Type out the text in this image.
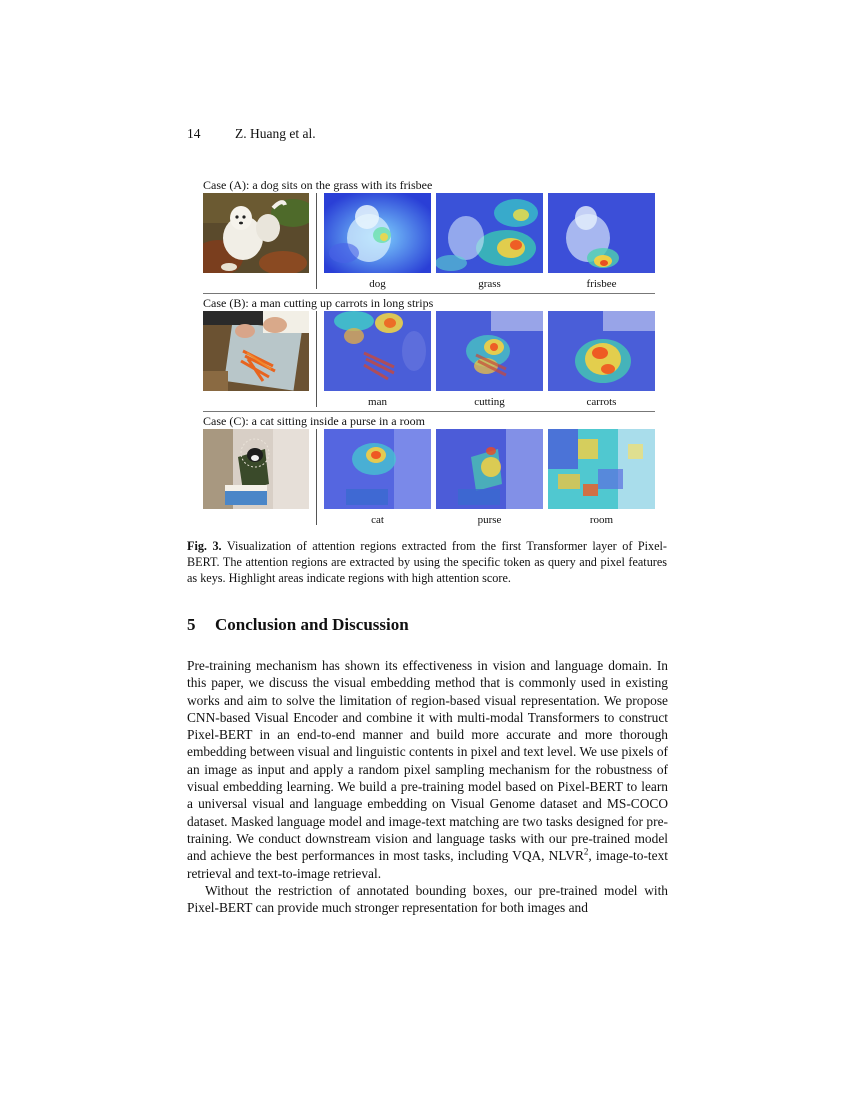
14	Z. Huang et al.
Case (A): a dog sits on the grass with its frisbee
dog	grass	frisbee
Case (B): a man cutting up carrots in long strips
man	cutting	carrots
Case (C): a cat sitting inside a purse in a room
cat	purse	room
Fig. 3. Visualization of attention regions extracted from the first Transformer layer of Pixel-BERT. The attention regions are extracted by using the specific token as query and pixel features as keys. Highlight areas indicate regions with high attention score.
5 Conclusion and Discussion

Pre-training mechanism has shown its effectiveness in vision and language domain. In this paper, we discuss the visual embedding method that is commonly used in existing works and aim to solve the limitation of region-based visual representation. We propose CNN-based Visual Encoder and combine it with multi-modal Transformers to construct Pixel-BERT in an end-to-end manner and build more accurate and more thorough embedding between visual and linguistic contents in pixel and text level. We use pixels of an image as input and apply a random pixel sampling mechanism for the robustness of visual embedding learning. We build a pre-training model based on Pixel-BERT to learn a universal visual and language embedding on Visual Genome dataset and MS-COCO dataset. Masked language model and image-text matching are two tasks designed for pre-training. We conduct downstream vision and language tasks with our pre-trained model and achieve the best performances in most tasks, including VQA, NLVR$^2$, image-to-text retrieval and text-to-image retrieval.

Without the restriction of annotated bounding boxes, our pre-trained model with Pixel-BERT can provide much stronger representation for both images and
